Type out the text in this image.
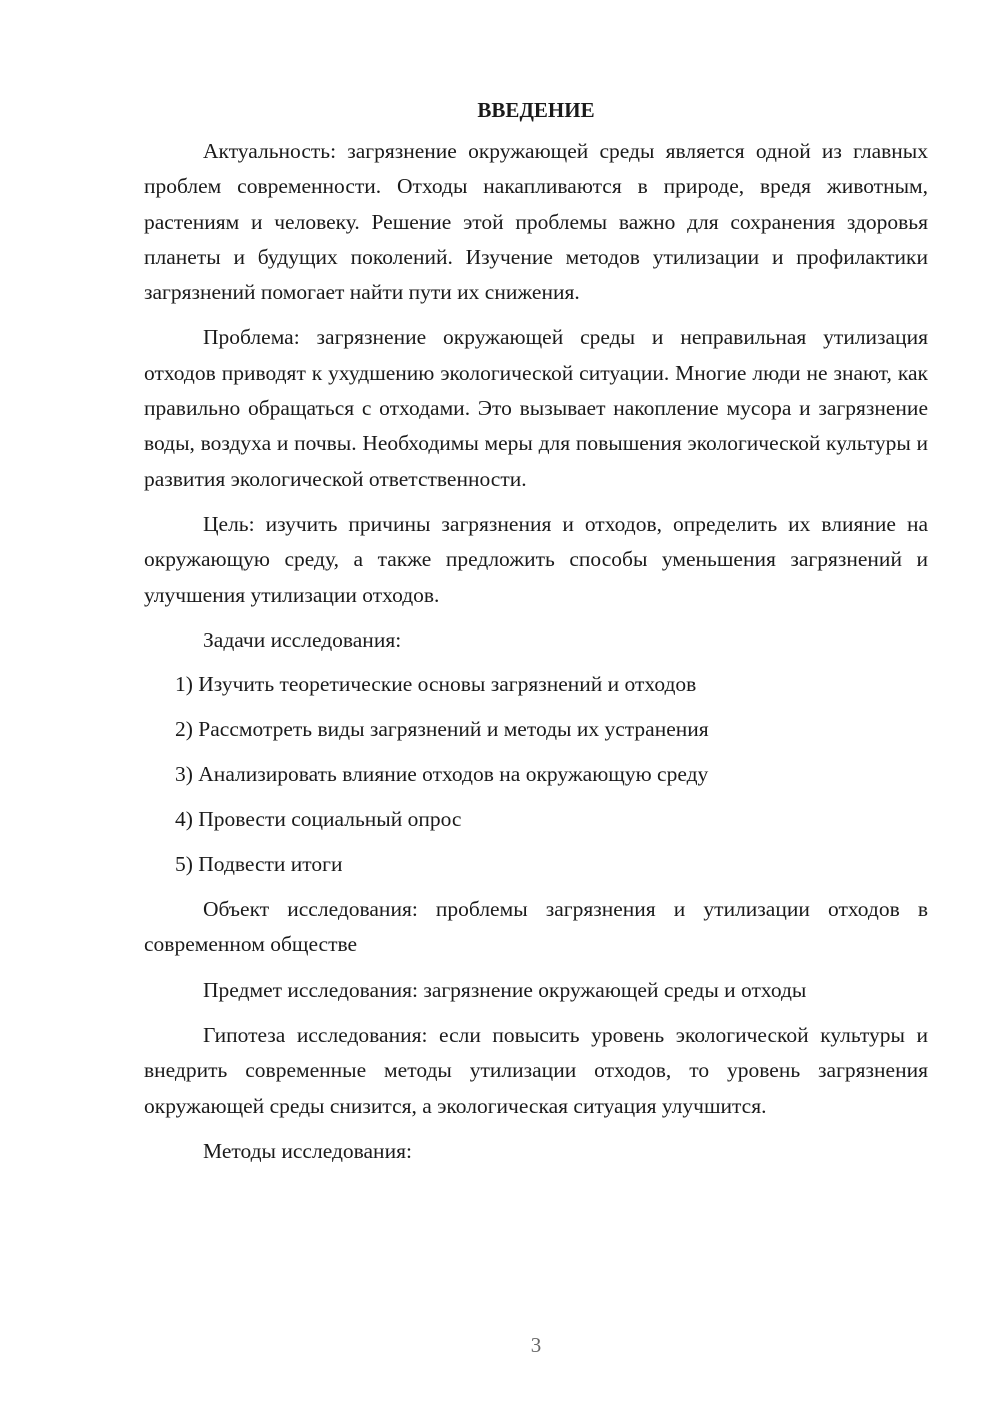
ВВЕДЕНИЕ

Актуальность: загрязнение окружающей среды является одной из главных проблем современности. Отходы накапливаются в природе, вредя животным, растениям и человеку. Решение этой проблемы важно для сохранения здоровья планеты и будущих поколений. Изучение методов утилизации и профилактики загрязнений помогает найти пути их снижения.

Проблема: загрязнение окружающей среды и неправильная утилизация отходов приводят к ухудшению экологической ситуации. Многие люди не знают, как правильно обращаться с отходами. Это вызывает накопление мусора и загрязнение воды, воздуха и почвы. Необходимы меры для повышения экологической культуры и развития экологической ответственности.

Цель: изучить причины загрязнения и отходов, определить их влияние на окружающую среду, а также предложить способы уменьшения загрязнений и улучшения утилизации отходов.

Задачи исследования:

1) Изучить теоретические основы загрязнений и отходов

2) Рассмотреть виды загрязнений и методы их устранения

3) Анализировать влияние отходов на окружающую среду

4) Провести социальный опрос

5) Подвести итоги

Объект исследования: проблемы загрязнения и утилизации отходов в современном обществе

Предмет исследования: загрязнение окружающей среды и отходы

Гипотеза исследования: если повысить уровень экологической культуры и внедрить современные методы утилизации отходов, то уровень загрязнения окружающей среды снизится, а экологическая ситуация улучшится.

Методы исследования:

3
